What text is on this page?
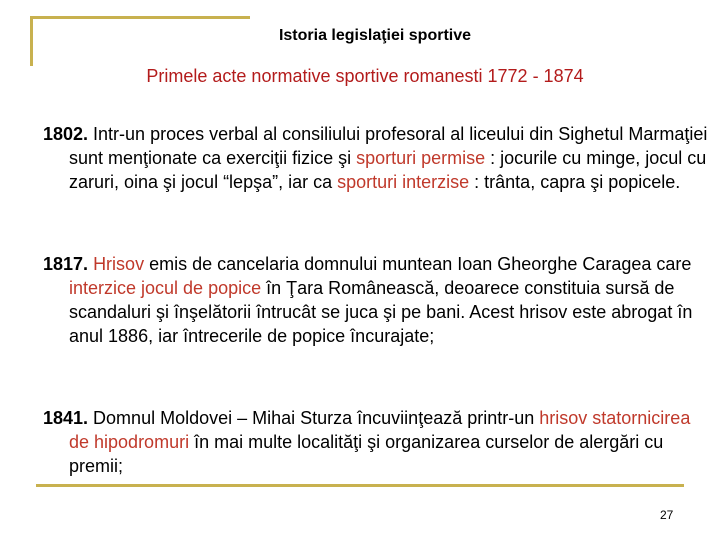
Istoria legislaţiei sportive
Primele acte normative sportive romanesti 1772 - 1874
1802. Intr-un proces verbal al consiliului profesoral al liceului din Sighetul Marmaţiei sunt menţionate ca exerciţii fizice şi sporturi permise : jocurile cu minge, jocul cu zaruri, oina şi jocul “lepşa”, iar ca sporturi interzise : trânta, capra şi popicele.
1817. Hrisov emis de cancelaria domnului muntean Ioan Gheorghe Caragea care interzice jocul de popice în Ţara Românească, deoarece constituia sursă de scandaluri şi înşelătorii întrucât se juca şi pe bani. Acest hrisov este abrogat în anul 1886, iar întrecerile de popice încurajate;
1841. Domnul Moldovei – Mihai Sturza încuviinţează printr-un hrisov statornicirea de hipodromuri în mai multe localităţi şi organizarea curselor de alergări cu premii;
27
